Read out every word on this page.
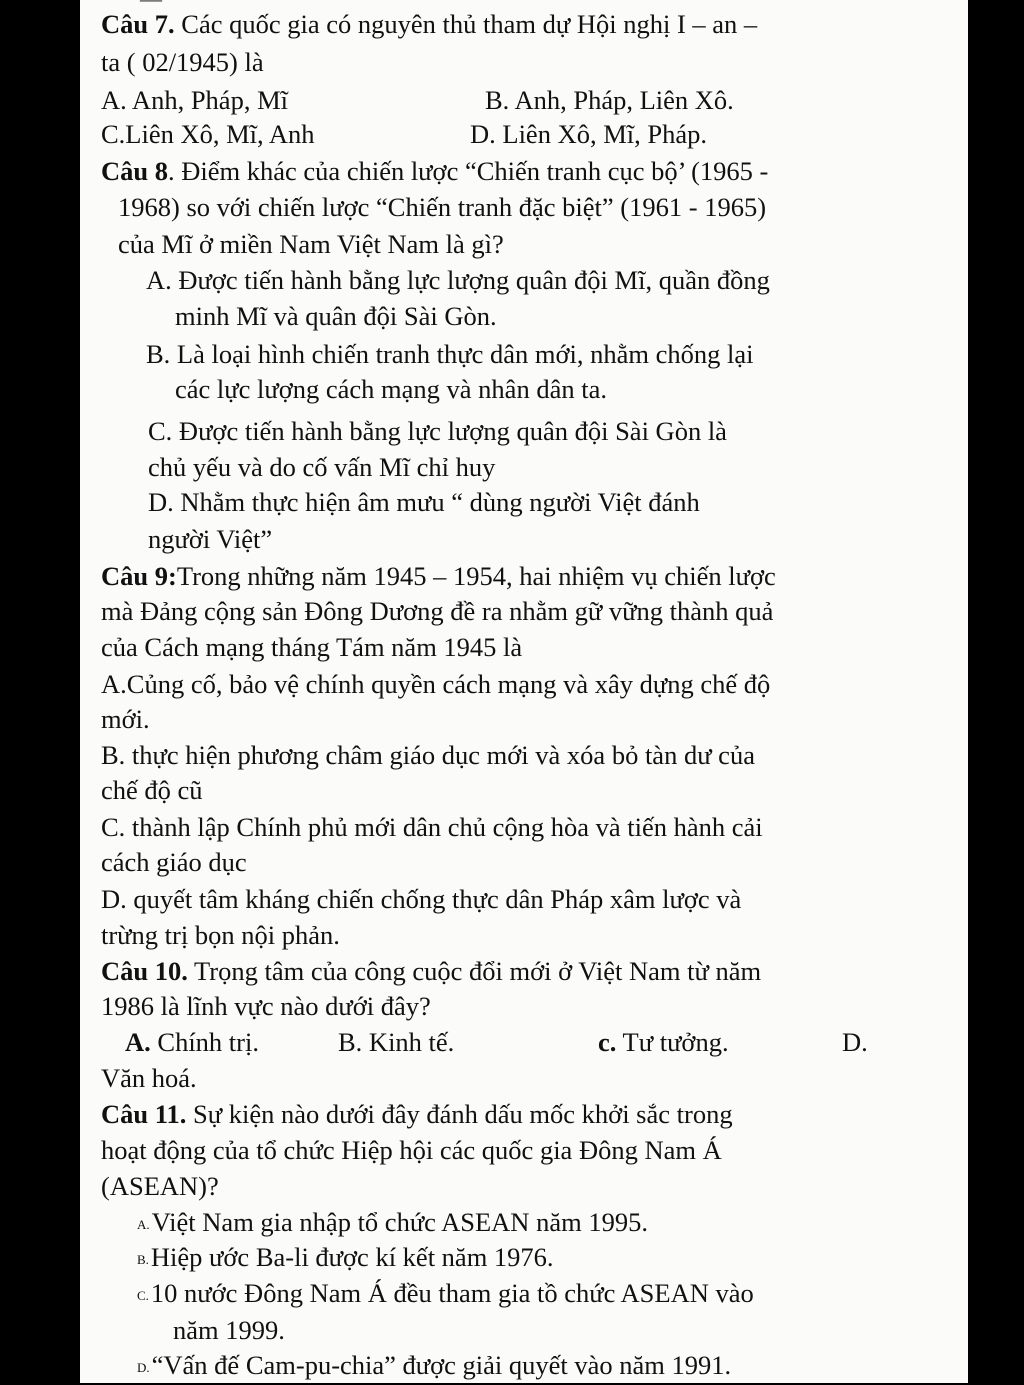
Câu 7. Các quốc gia có nguyên thủ tham dự Hội nghị I – an –
ta ( 02/1945) là
A. Anh, Pháp, Mĩ	B. Anh, Pháp, Liên Xô.
C.Liên Xô, Mĩ, Anh	D. Liên Xô, Mĩ, Pháp.
Câu 8. Điểm khác của chiến lược “Chiến tranh cục bộ’ (1965 -
1968) so với chiến lược “Chiến tranh đặc biệt” (1961 - 1965)
của Mĩ ở miền Nam Việt Nam là gì?
A. Được tiến hành bằng lực lượng quân đội Mĩ, quần đồng
minh Mĩ và quân đội Sài Gòn.
B. Là loại hình chiến tranh thực dân mới, nhằm chống lại
các lực lượng cách mạng và nhân dân ta.
C. Được tiến hành bằng lực lượng quân đội Sài Gòn là
chủ yếu và do cố vấn Mĩ chỉ huy
D. Nhằm thực hiện âm mưu “ dùng người Việt đánh
người Việt”
Câu 9:Trong những năm 1945 – 1954, hai nhiệm vụ chiến lược
mà Đảng cộng sản Đông Dương đề ra nhằm gữ vững thành quả
của Cách mạng tháng Tám năm 1945 là
A.Củng cố, bảo vệ chính quyền cách mạng và xây dựng chế độ
mới.
B. thực hiện phương châm giáo dục mới và xóa bỏ tàn dư của
chế độ cũ
C. thành lập Chính phủ mới dân chủ cộng hòa và tiến hành cải
cách giáo dục
D. quyết tâm kháng chiến chống thực dân Pháp xâm lược và
trừng trị bọn nội phản.
Câu 10. Trọng tâm của công cuộc đổi mới ở Việt Nam từ năm
1986 là lĩnh vực nào dưới đây?
A. Chính trị.	B. Kinh tế.	c. Tư tưởng.	D.
Văn hoá.
Câu 11. Sự kiện nào dưới đây đánh dấu mốc khởi sắc trong
hoạt động của tổ chức Hiệp hội các quốc gia Đông Nam Á
(ASEAN)?
A.Việt Nam gia nhập tổ chức ASEAN năm 1995.
B.Hiệp ước Ba-li được kí kết năm 1976.
C.10 nước Đông Nam Á đều tham gia tồ chức ASEAN vào
năm 1999.
D.“Vấn đế Cam-pu-chia” được giải quyết vào năm 1991.
